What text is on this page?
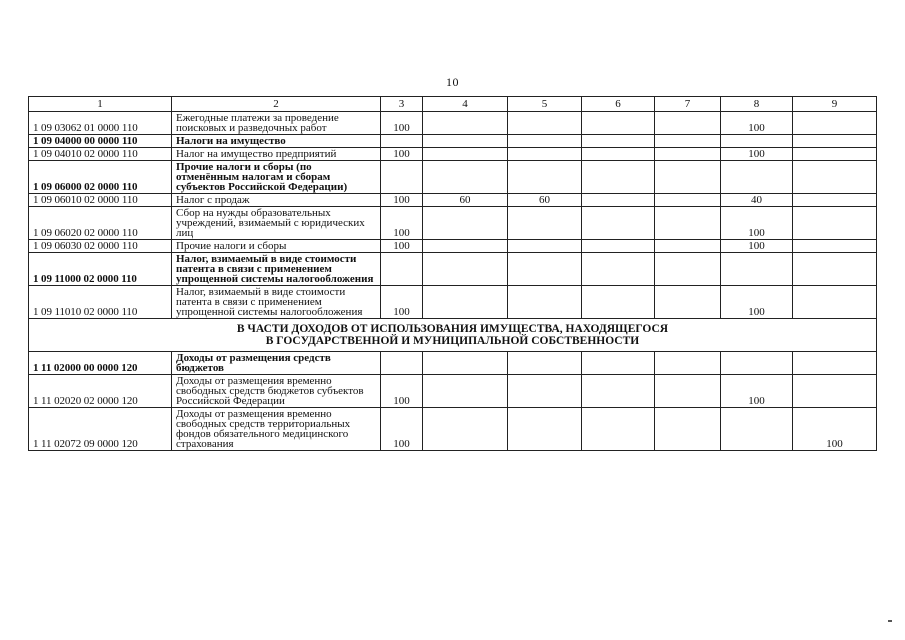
10
1	2	3	4	5	6	7	8	9
1 09 03062 01 0000 110	Ежегодные платежи за проведение поисковых и разведочных работ	100					100	
1 09 04000 00 0000 110	Налоги на имущество							
1 09 04010 02 0000 110	Налог на имущество предприятий	100					100	
1 09 06000 02 0000 110	Прочие налоги и сборы (по отменённым налогам и сборам субъектов Российской Федерации)							
1 09 06010 02 0000 110	Налог с продаж	100	60	60			40	
1 09 06020 02 0000 110	Сбор на нужды образовательных учреждений, взимаемый с юридических лиц	100					100	
1 09 06030 02 0000 110	Прочие налоги и сборы	100					100	
1 09 11000 02 0000 110	Налог, взимаемый в виде стоимости патента в связи с применением упрощенной системы налогообложения							
1 09 11010 02 0000 110	Налог, взимаемый в виде стоимости патента в связи с применением упрощенной системы налогообложения	100					100	

В ЧАСТИ ДОХОДОВ ОТ ИСПОЛЬЗОВАНИЯ ИМУЩЕСТВА, НАХОДЯЩЕГОСЯ
В ГОСУДАРСТВЕННОЙ И МУНИЦИПАЛЬНОЙ СОБСТВЕННОСТИ								

1 11 02000 00 0000 120	Доходы от размещения средств бюджетов							
1 11 02020 02 0000 120	Доходы от размещения временно свободных средств бюджетов субъектов Российской Федерации	100					100	
1 11 02072 09 0000 120	Доходы от размещения временно свободных средств территориальных фондов обязательного медицинского страхования	100						100
